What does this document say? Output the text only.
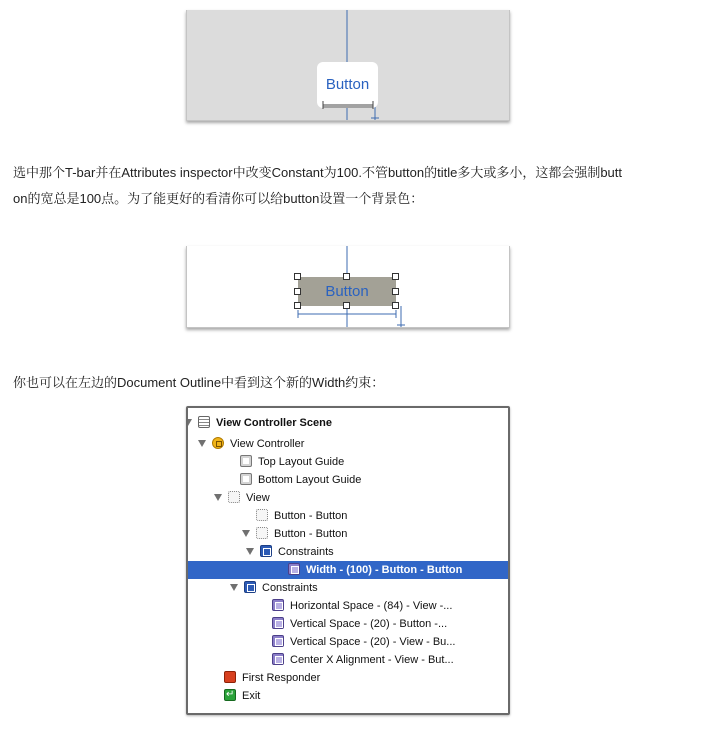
Button
选中那个T-bar并在Attributes inspector中改变Constant为100.不管button的title多大或多小，这都会强制butt
on的宽总是100点。为了能更好的看清你可以给button设置一个背景色：
Button
你也可以在左边的Document Outline中看到这个新的Width约束：
View Controller Scene
View Controller
Top Layout Guide
Bottom Layout Guide
View
Button - Button
Button - Button
Constraints
Width - (100) - Button - Button
Constraints
Horizontal Space - (84) - View -...
Vertical Space - (20) - Button -...
Vertical Space - (20) - View - Bu...
Center X Alignment - View - But...
First Responder
↵
Exit
